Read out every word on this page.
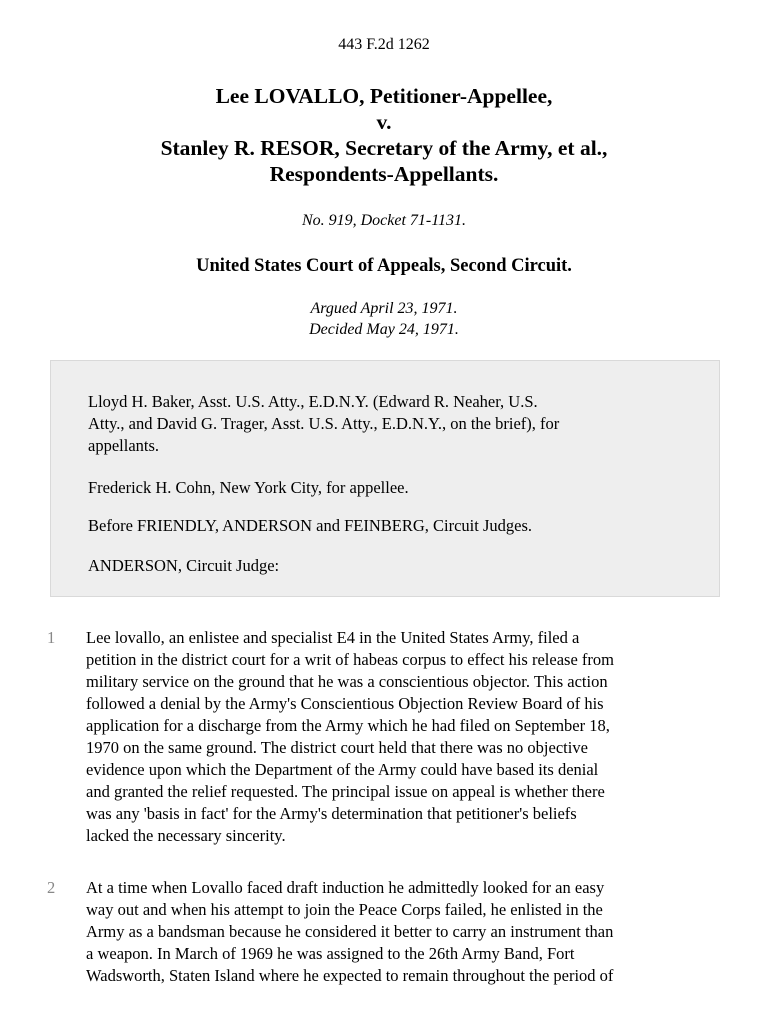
443 F.2d 1262
Lee LOVALLO, Petitioner-Appellee,
v.
Stanley R. RESOR, Secretary of the Army, et al.,
Respondents-Appellants.
No. 919, Docket 71-1131.
United States Court of Appeals, Second Circuit.
Argued April 23, 1971.
Decided May 24, 1971.

Lloyd H. Baker, Asst. U.S. Atty., E.D.N.Y. (Edward R. Neaher, U.S.
Atty., and David G. Trager, Asst. U.S. Atty., E.D.N.Y., on the brief), for
appellants.

Frederick H. Cohn, New York City, for appellee.

Before FRIENDLY, ANDERSON and FEINBERG, Circuit Judges.

ANDERSON, Circuit Judge:

1 Lee lovallo, an enlistee and specialist E4 in the United States Army, filed a
petition in the district court for a writ of habeas corpus to effect his release from
military service on the ground that he was a conscientious objector. This action
followed a denial by the Army's Conscientious Objection Review Board of his
application for a discharge from the Army which he had filed on September 18,
1970 on the same ground. The district court held that there was no objective
evidence upon which the Department of the Army could have based its denial
and granted the relief requested. The principal issue on appeal is whether there
was any 'basis in fact' for the Army's determination that petitioner's beliefs
lacked the necessary sincerity.

2 At a time when Lovallo faced draft induction he admittedly looked for an easy
way out and when his attempt to join the Peace Corps failed, he enlisted in the
Army as a bandsman because he considered it better to carry an instrument than
a weapon. In March of 1969 he was assigned to the 26th Army Band, Fort
Wadsworth, Staten Island where he expected to remain throughout the period of
